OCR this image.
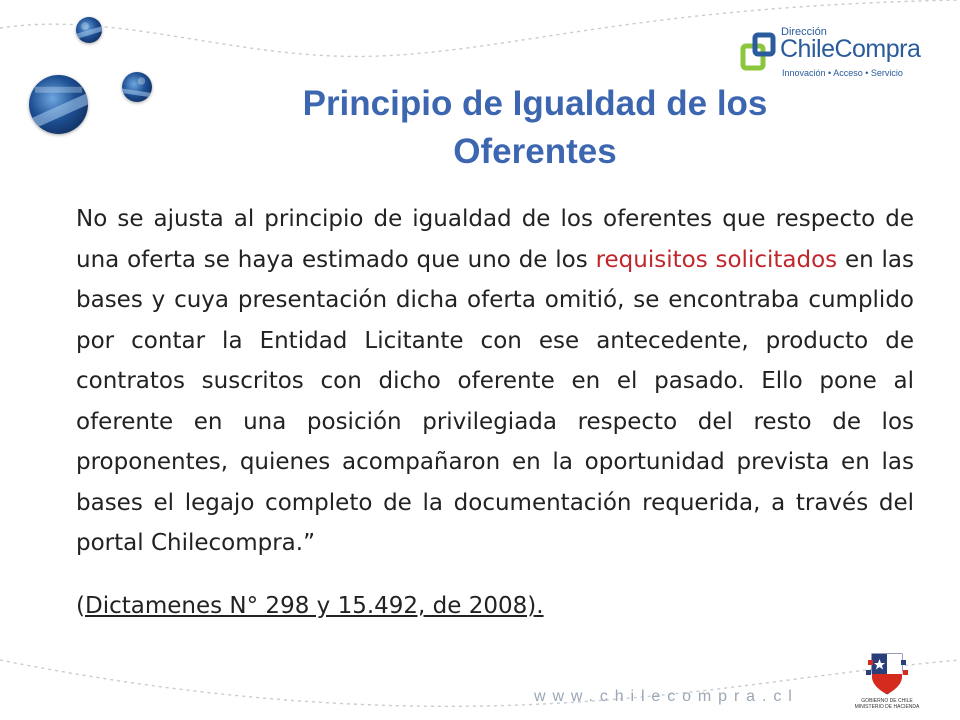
Dirección
ChileCompra
Innovación • Acceso • Servicio
Principio de Igualdad de los
Oferentes

No se ajusta al principio de igualdad de los oferentes que respecto de una oferta se haya estimado que uno de los requisitos solicitados en las bases y cuya presentación dicha oferta omitió, se encontraba cumplido por contar la Entidad Licitante con ese antecedente, producto de contratos suscritos con dicho oferente en el pasado. Ello pone al oferente en una posición privilegiada respecto del resto de los proponentes, quienes acompañaron en la oportunidad prevista en las bases el legajo completo de la documentación requerida, a través del portal Chilecompra.”

(Dictamenes N° 298 y 15.492, de 2008).

www.chilecompra.cl	GOBIERNO DE CHILE
MINISTERIO DE HACIENDA
